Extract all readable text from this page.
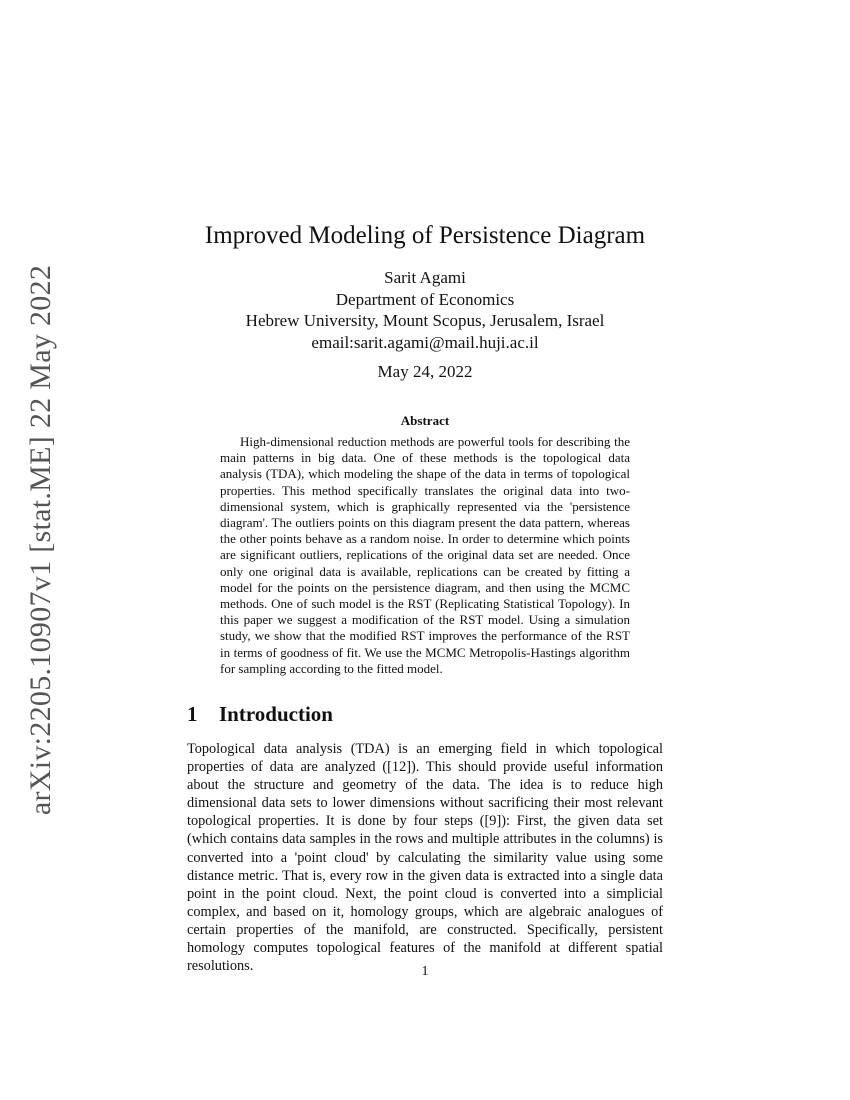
arXiv:2205.10907v1 [stat.ME] 22 May 2022
Improved Modeling of Persistence Diagram
Sarit Agami
Department of Economics
Hebrew University, Mount Scopus, Jerusalem, Israel
email:sarit.agami@mail.huji.ac.il
May 24, 2022
Abstract

High-dimensional reduction methods are powerful tools for describing the main patterns in big data. One of these methods is the topological data analysis (TDA), which modeling the shape of the data in terms of topological properties. This method specifically translates the original data into two-dimensional system, which is graphically represented via the 'persistence diagram'. The outliers points on this diagram present the data pattern, whereas the other points behave as a random noise. In order to determine which points are significant outliers, replications of the original data set are needed. Once only one original data is available, replications can be created by fitting a model for the points on the persistence diagram, and then using the MCMC methods. One of such model is the RST (Replicating Statistical Topology). In this paper we suggest a modification of the RST model. Using a simulation study, we show that the modified RST improves the performance of the RST in terms of goodness of fit. We use the MCMC Metropolis-Hastings algorithm for sampling according to the fitted model.

1 Introduction

Topological data analysis (TDA) is an emerging field in which topological properties of data are analyzed ([12]). This should provide useful information about the structure and geometry of the data. The idea is to reduce high dimensional data sets to lower dimensions without sacrificing their most relevant topological properties. It is done by four steps ([9]): First, the given data set (which contains data samples in the rows and multiple attributes in the columns) is converted into a 'point cloud' by calculating the similarity value using some distance metric. That is, every row in the given data is extracted into a single data point in the point cloud. Next, the point cloud is converted into a simplicial complex, and based on it, homology groups, which are algebraic analogues of certain properties of the manifold, are constructed. Specifically, persistent homology computes topological features of the manifold at different spatial resolutions.	1
